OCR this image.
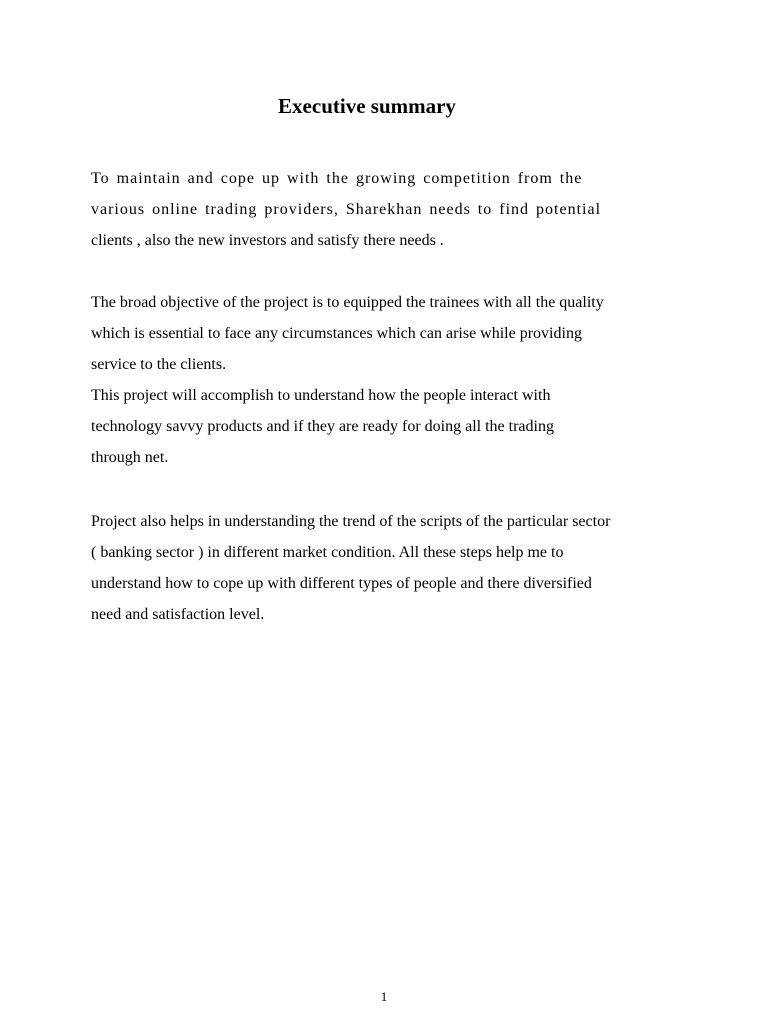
Executive summary

To maintain and cope up with the growing competition from the

various online trading providers, Sharekhan needs to find potential

clients , also the new investors and satisfy there needs .

The broad objective of the project is to equipped the trainees with all the quality

which is essential to face any circumstances which can arise while providing

service to the clients.

This project will accomplish to understand how the people interact with

technology savvy products and if they are ready for doing all the trading

through net.

Project also helps in understanding the trend of the scripts of the particular sector

( banking sector ) in different market condition. All these steps help me to

understand how to cope up with different types of people and there diversified

need and satisfaction level.

1
